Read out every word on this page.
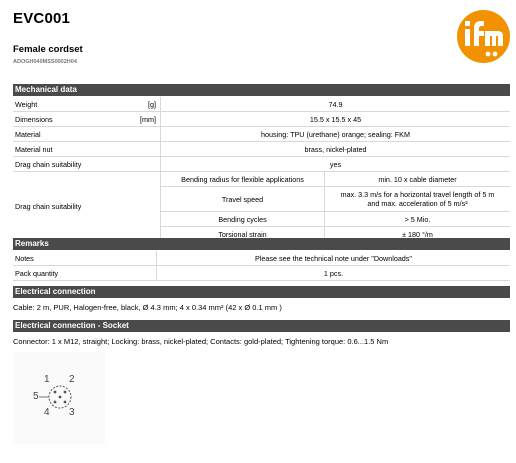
EVC001
Female cordset
ADOGH040MSS0002H04
Mechanical data
Weight	[g]	74.9	
Dimensions	[mm]	15.5 x 15.5 x 45	
Material		housing: TPU (urethane) orange; sealing: FKM	
Material nut		brass, nickel-plated	
Drag chain suitability		yes	
Drag chain suitability		Bending radius for flexible applications	min. 10 x cable diameter
		Travel speed	max. 3.3 m/s for a horizontal travel length of 5 m and max. acceleration of 5 m/s²
		Bending cycles	> 5 Mio.
		Torsional strain	± 180 °/m
Remarks
Notes	Please see the technical note under "Downloads"
Pack quantity	1 pcs.
Electrical connection
Cable: 2 m, PUR, Halogen-free, black, Ø 4.3 mm; 4 x 0.34 mm² (42 x Ø 0.1 mm )
Electrical connection - Socket
Connector: 1 x M12, straight; Locking: brass, nickel-plated; Contacts: gold-plated; Tightening torque: 0.6...1.5 Nm
1 2
3
4
5
